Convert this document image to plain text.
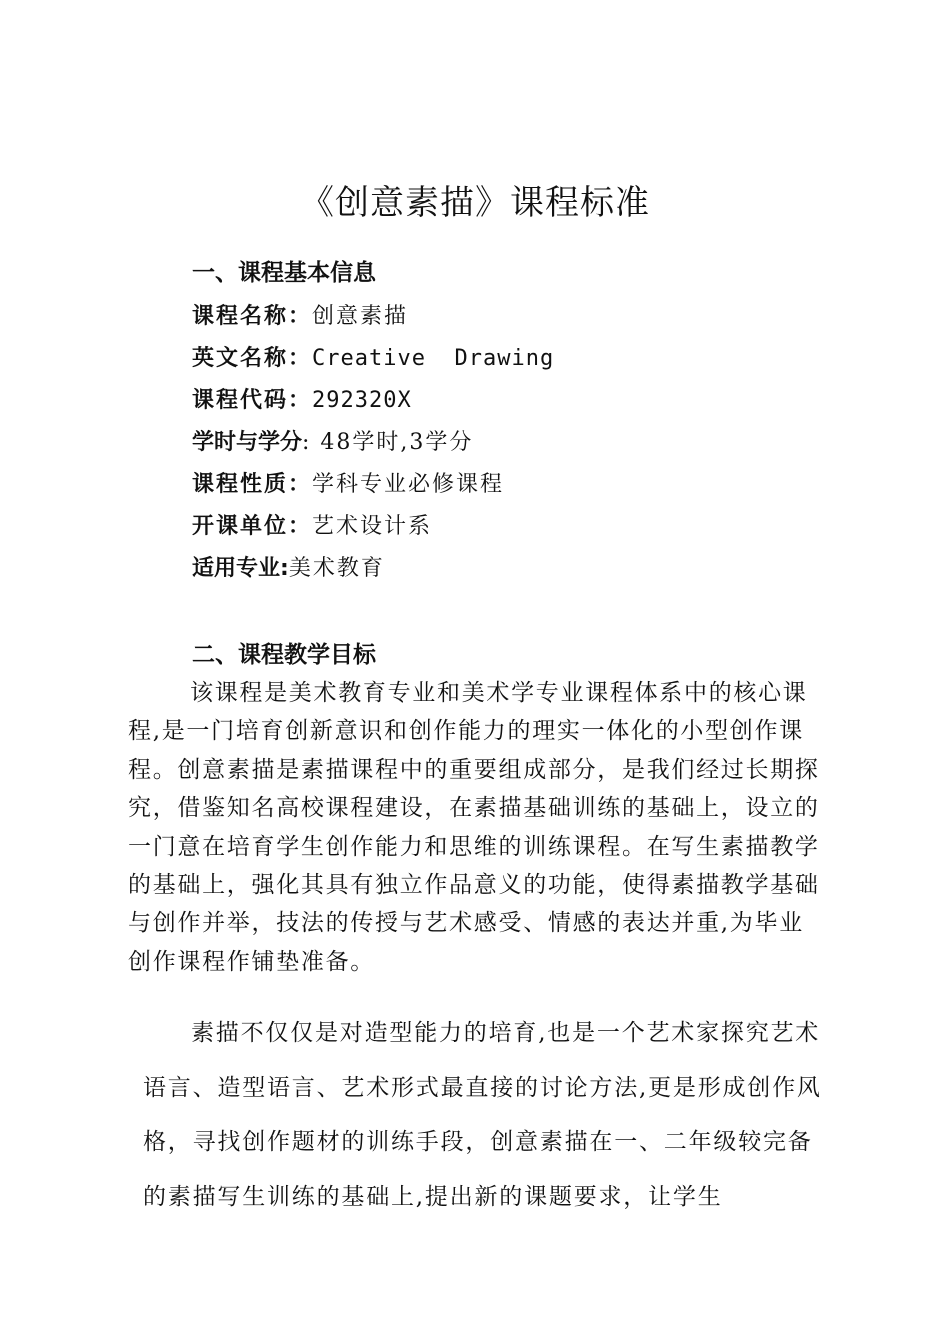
《创意素描》课程标准
一、课程基本信息
课程名称：创意素描
英文名称：Creative  Drawing
课程代码：292320X
学时与学分: 48学时,3学分
课程性质：学科专业必修课程
开课单位：艺术设计系
适用专业:美术教育
二、课程教学目标

该课程是美术教育专业和美术学专业课程体系中的核心课程,是一门培育创新意识和创作能力的理实一体化的小型创作课程。创意素描是素描课程中的重要组成部分，是我们经过长期探究，借鉴知名高校课程建设，在素描基础训练的基础上，设立的一门意在培育学生创作能力和思维的训练课程。在写生素描教学的基础上，强化其具有独立作品意义的功能，使得素描教学基础与创作并举，技法的传授与艺术感受、情感的表达并重,为毕业创作课程作铺垫准备。

素描不仅仅是对造型能力的培育,也是一个艺术家探究艺术语言、造型语言、艺术形式最直接的讨论方法,更是形成创作风格，寻找创作题材的训练手段，创意素描在一、二年级较完备的素描写生训练的基础上,提出新的课题要求，让学生
